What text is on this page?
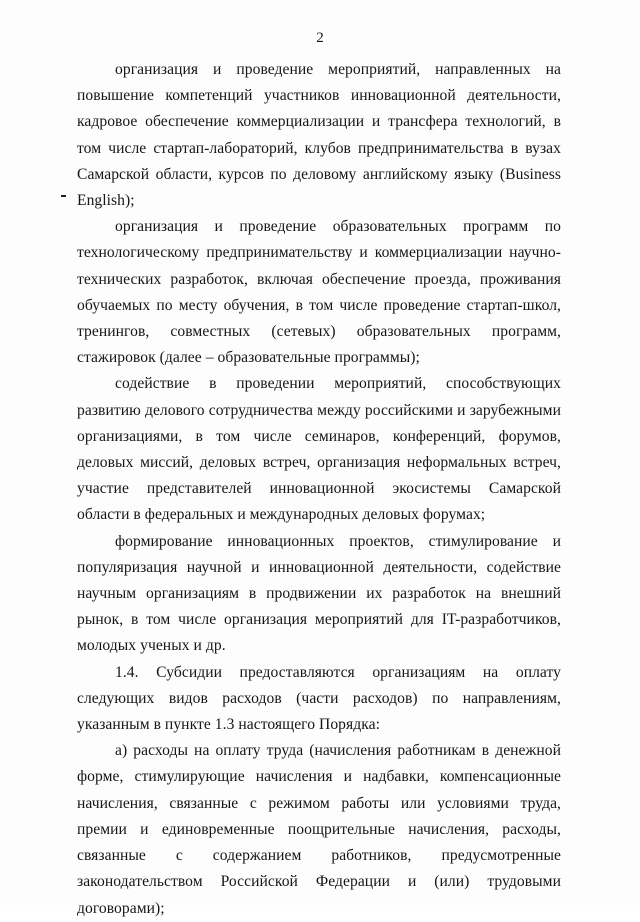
2

организация и проведение мероприятий, направленных на повышение компетенций участников инновационной деятельности, кадровое обеспечение коммерциализации и трансфера технологий, в том числе стартап-лабораторий, клубов предпринимательства в вузах Самарской области, курсов по деловому английскому языку (Business English);

организация и проведение образовательных программ по технологическому предпринимательству и коммерциализации научно-технических разработок, включая обеспечение проезда, проживания обучаемых по месту обучения, в том числе проведение стартап-школ, тренингов, совместных (сетевых) образовательных программ, стажировок (далее – образовательные программы);

содействие в проведении мероприятий, способствующих развитию делового сотрудничества между российскими и зарубежными организациями, в том числе семинаров, конференций, форумов, деловых миссий, деловых встреч, организация неформальных встреч, участие представителей инновационной экосистемы Самарской области в федеральных и международных деловых форумах;

формирование инновационных проектов, стимулирование и популяризация научной и инновационной деятельности, содействие научным организациям в продвижении их разработок на внешний рынок, в том числе организация мероприятий для IT-разработчиков, молодых ученых и др.

1.4. Субсидии предоставляются организациям на оплату следующих видов расходов (части расходов) по направлениям, указанным в пункте 1.3 настоящего Порядка:

а) расходы на оплату труда (начисления работникам в денежной форме, стимулирующие начисления и надбавки, компенсационные начисления, связанные с режимом работы или условиями труда, премии и единовременные поощрительные начисления, расходы, связанные с содержанием работников, предусмотренные законодательством Российской Федерации и (или) трудовыми договорами);
